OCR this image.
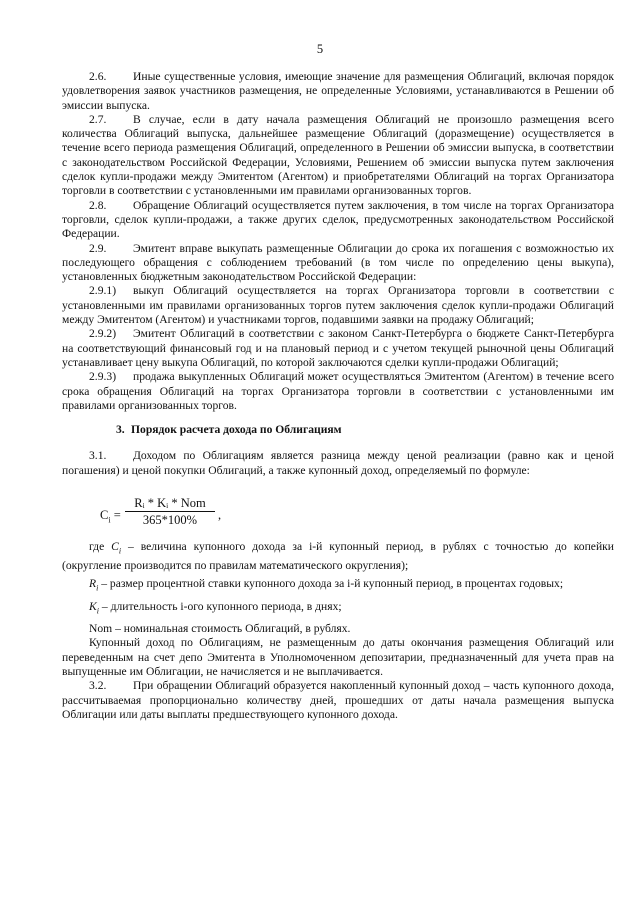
5

2.6. Иные существенные условия, имеющие значение для размещения Облигаций, включая порядок удовлетворения заявок участников размещения, не определенные Условиями, устанавливаются в Решении об эмиссии выпуска.

2.7. В случае, если в дату начала размещения Облигаций не произошло размещения всего количества Облигаций выпуска, дальнейшее размещение Облигаций (доразмещение) осуществляется в течение всего периода размещения Облигаций, определенного в Решении об эмиссии выпуска, в соответствии с законодательством Российской Федерации, Условиями, Решением об эмиссии выпуска путем заключения сделок купли-продажи между Эмитентом (Агентом) и приобретателями Облигаций на торгах Организатора торговли в соответствии с установленными им правилами организованных торгов.

2.8. Обращение Облигаций осуществляется путем заключения, в том числе на торгах Организатора торговли, сделок купли-продажи, а также других сделок, предусмотренных законодательством Российской Федерации.

2.9. Эмитент вправе выкупать размещенные Облигации до срока их погашения с возможностью их последующего обращения с соблюдением требований (в том числе по определению цены выкупа), установленных бюджетным законодательством Российской Федерации:

2.9.1) выкуп Облигаций осуществляется на торгах Организатора торговли в соответствии с установленными им правилами организованных торгов путем заключения сделок купли-продажи Облигаций между Эмитентом (Агентом) и участниками торгов, подавшими заявки на продажу Облигаций;

2.9.2) Эмитент Облигаций в соответствии с законом Санкт-Петербурга о бюджете Санкт-Петербурга на соответствующий финансовый год и на плановый период и с учетом текущей рыночной цены Облигаций устанавливает цену выкупа Облигаций, по которой заключаются сделки купли-продажи Облигаций;

2.9.3) продажа выкупленных Облигаций может осуществляться Эмитентом (Агентом) в течение всего срока обращения Облигаций на торгах Организатора торговли в соответствии с установленными им правилами организованных торгов.

3. Порядок расчета дохода по Облигациям

3.1. Доходом по Облигациям является разница между ценой реализации (равно как и ценой погашения) и ценой покупки Облигаций, а также купонный доход, определяемый по формуле:

$C_i$ =
Rᵢ * Kᵢ * Nom
365*100%	,

где $C_i$ – величина купонного дохода за i-й купонный период, в рублях с точностью до копейки (округление производится по правилам математического округления);

$R_i$ – размер процентной ставки купонного дохода за i-й купонный период, в процентах годовых;

$K_i$ – длительность i-ого купонного периода, в днях;

Nom – номинальная стоимость Облигаций, в рублях.

Купонный доход по Облигациям, не размещенным до даты окончания размещения Облигаций или переведенным на счет депо Эмитента в Уполномоченном депозитарии, предназначенный для учета прав на выпущенные им Облигации, не начисляется и не выплачивается.

3.2. При обращении Облигаций образуется накопленный купонный доход – часть купонного дохода, рассчитываемая пропорционально количеству дней, прошедших от даты начала размещения выпуска Облигации или даты выплаты предшествующего купонного дохода.
